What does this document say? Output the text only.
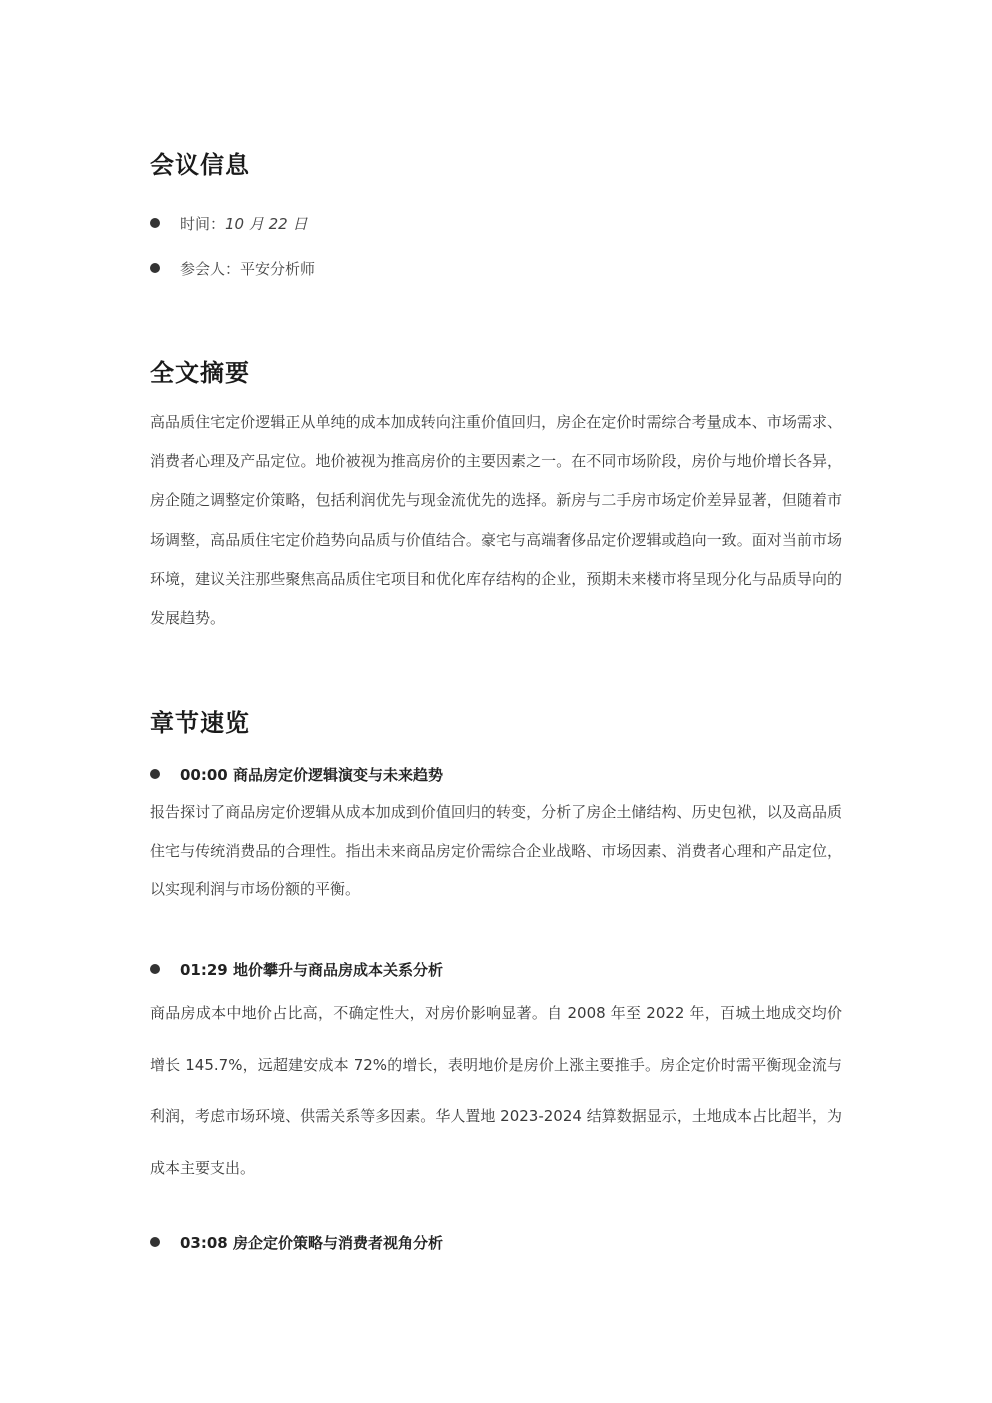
会议信息
时间：10 月 22 日
参会人：平安分析师
全文摘要

高品质住宅定价逻辑正从单纯的成本加成转向注重价值回归，房企在定价时需综合考量成本、市场需求、消费者心理及产品定位。地价被视为推高房价的主要因素之一。在不同市场阶段，房价与地价增长各异，房企随之调整定价策略，包括利润优先与现金流优先的选择。新房与二手房市场定价差异显著，但随着市场调整，高品质住宅定价趋势向品质与价值结合。豪宅与高端奢侈品定价逻辑或趋向一致。面对当前市场环境，建议关注那些聚焦高品质住宅项目和优化库存结构的企业，预期未来楼市将呈现分化与品质导向的发展趋势。

章节速览
00:00 商品房定价逻辑演变与未来趋势

报告探讨了商品房定价逻辑从成本加成到价值回归的转变，分析了房企土储结构、历史包袱，以及高品质住宅与传统消费品的合理性。指出未来商品房定价需综合企业战略、市场因素、消费者心理和产品定位，以实现利润与市场份额的平衡。

01:29 地价攀升与商品房成本关系分析

商品房成本中地价占比高，不确定性大，对房价影响显著。自 2008 年至 2022 年，百城土地成交均价增长 145.7%，远超建安成本 72%的增长，表明地价是房价上涨主要推手。房企定价时需平衡现金流与利润，考虑市场环境、供需关系等多因素。华人置地 2023-2024 结算数据显示，土地成本占比超半，为成本主要支出。

03:08 房企定价策略与消费者视角分析
